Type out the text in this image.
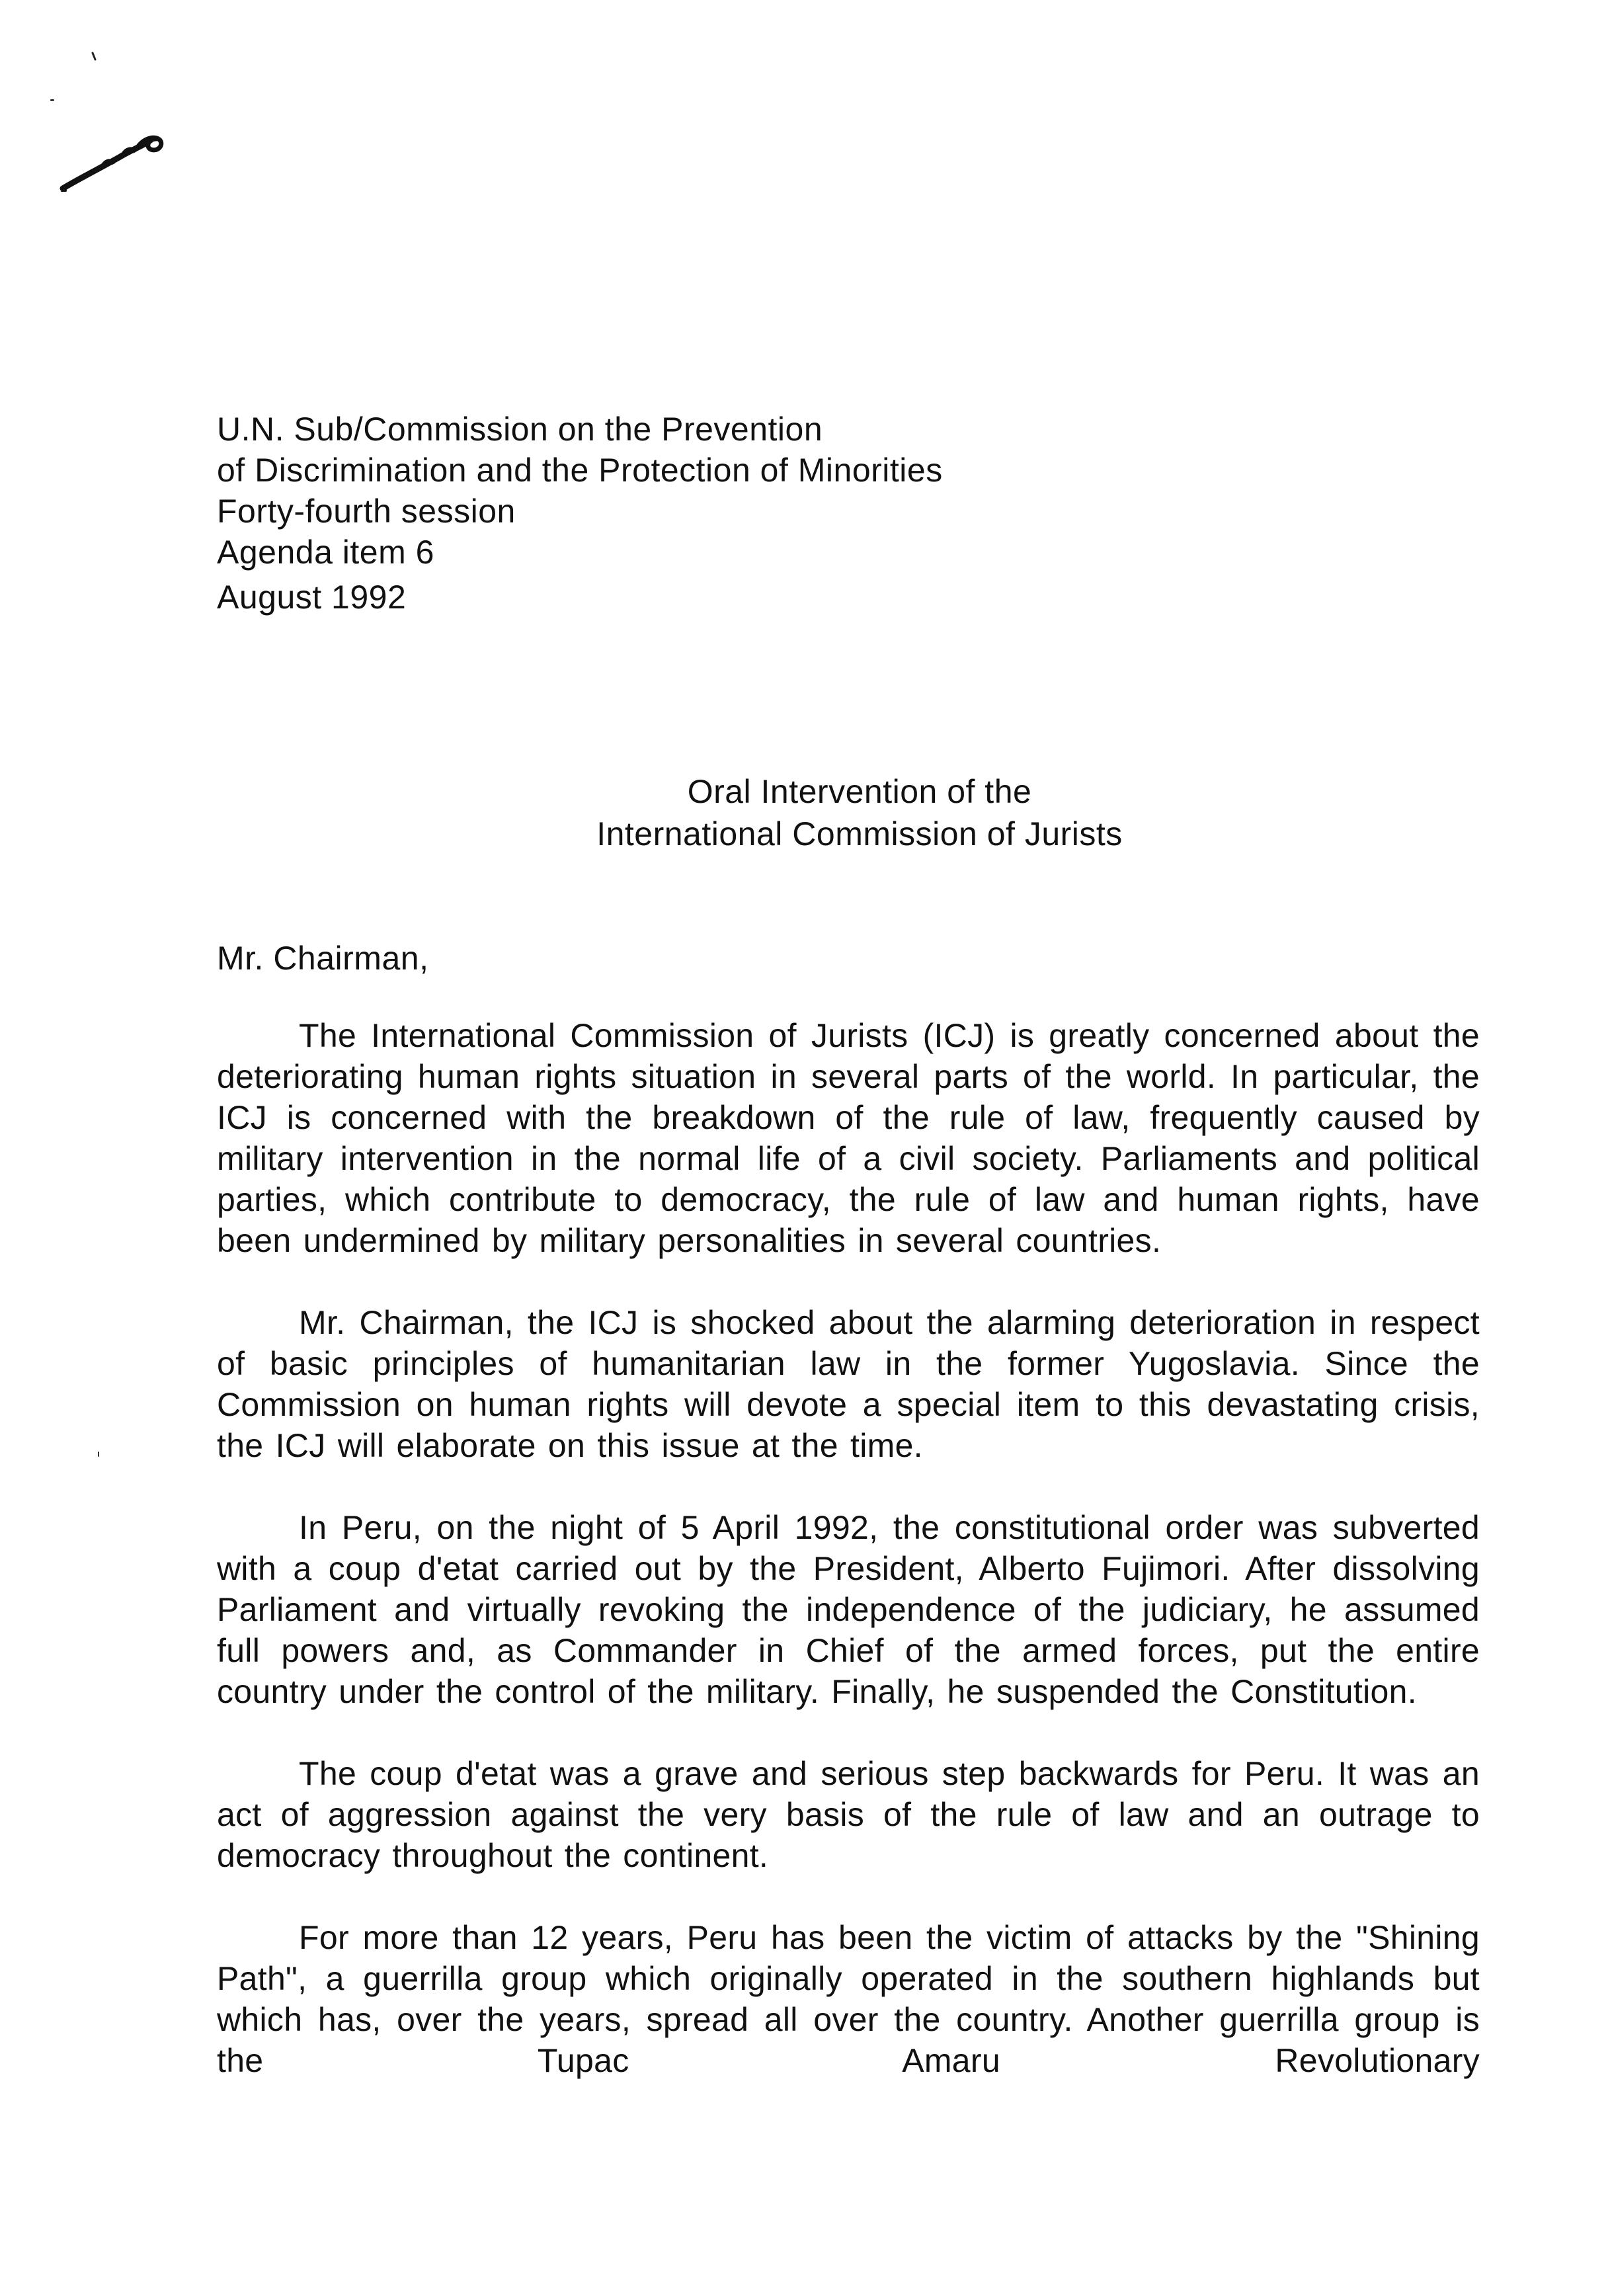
U.N. Sub/Commission on the Prevention
of Discrimination and the Protection of Minorities
Forty-fourth session
Agenda item 6
August 1992
Oral Intervention of the
International Commission of Jurists
Mr. Chairman,

The International Commission of Jurists (ICJ) is greatly concerned about the deteriorating human rights situation in several parts of the world. In particular, the ICJ is concerned with the breakdown of the rule of law, frequently caused by military intervention in the normal life of a civil society. Parliaments and political parties, which contribute to democracy, the rule of law and human rights, have been undermined by military personalities in several countries.

Mr. Chairman, the ICJ is shocked about the alarming deterioration in respect of basic principles of humanitarian law in the former Yugoslavia. Since the Commission on human rights will devote a special item to this devastating crisis, the ICJ will elaborate on this issue at the time.

In Peru, on the night of 5 April 1992, the constitutional order was subverted with a coup d'etat carried out by the President, Alberto Fujimori. After dissolving Parliament and virtually revoking the independence of the judiciary, he assumed full powers and, as Commander in Chief of the armed forces, put the entire country under the control of the military. Finally, he suspended the Constitution.

The coup d'etat was a grave and serious step backwards for Peru. It was an act of aggression against the very basis of the rule of law and an outrage to democracy throughout the continent.

For more than 12 years, Peru has been the victim of attacks by the "Shining Path", a guerrilla group which originally operated in the southern highlands but which has, over the years, spread all over the country. Another guerrilla group is the Tupac Amaru Revolutionary
